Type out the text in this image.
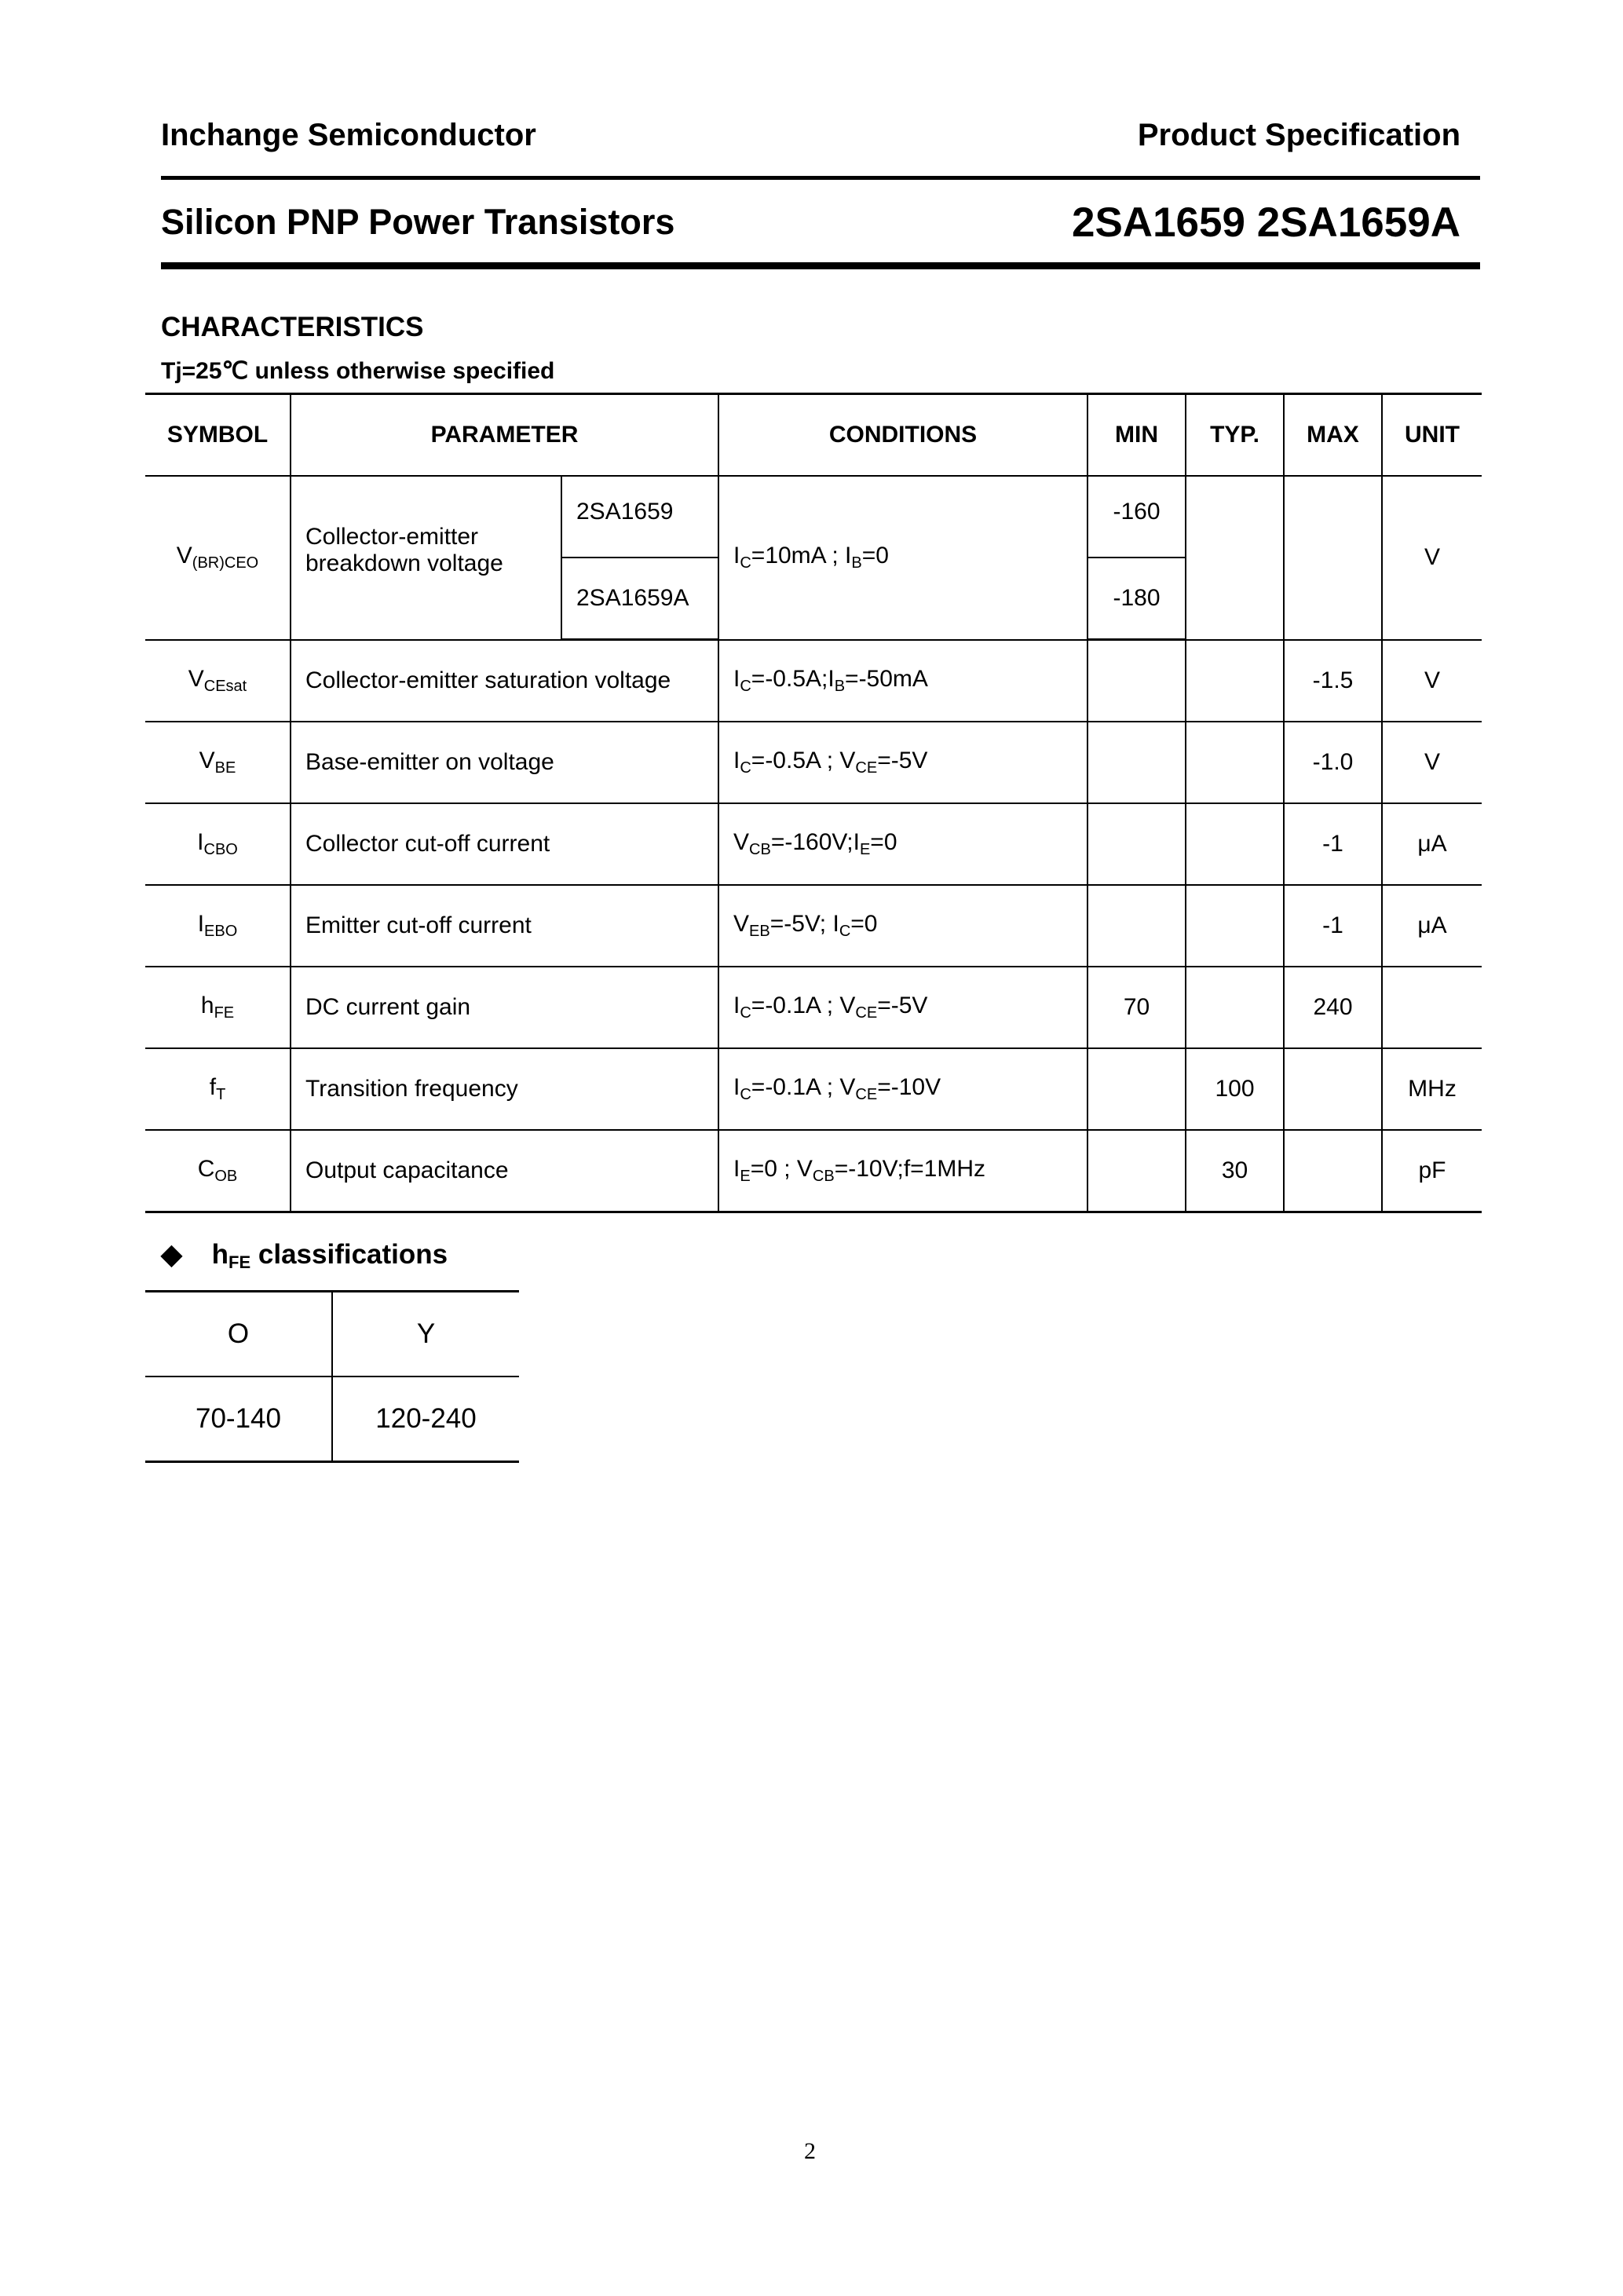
Inchange Semiconductor	Product Specification
Silicon PNP Power Transistors	2SA1659 2SA1659A
CHARACTERISTICS
Tj=25℃ unless otherwise specified
SYMBOL	PARAMETER		CONDITIONS	MIN	TYP.	MAX	UNIT
$V_{(BR)CEO}$	Collector-emitter breakdown voltage	2SA1659	$I_C=10mA$ ; $I_B=0$	-160			V
		2SA1659A		-180			
$V_{CEsat}$	Collector-emitter saturation voltage		$I_C=-0.5A;I_B=-50mA$			-1.5	V
$V_{BE}$	Base-emitter on voltage		$I_C=-0.5A$ ; $V_{CE}=-5V$			-1.0	V
$I_{CBO}$	Collector cut-off current		$V_{CB}=-160V;I_E=0$			-1	μA
$I_{EBO}$	Emitter cut-off current		$V_{EB}=-5V$; $I_C=0$			-1	μA
$h_{FE}$	DC current gain		$I_C=-0.1A$ ; $V_{CE}=-5V$	70		240	
$f_T$	Transition frequency		$I_C=-0.1A$ ; $V_{CE}=-10V$		100		MHz
$C_{OB}$	Output capacitance		$I_E=0$ ; $V_{CB}=-10V;f=1MHz$		30		pF
◆ $h_{FE}$ classifications
O	Y
70-140	120-240
2
